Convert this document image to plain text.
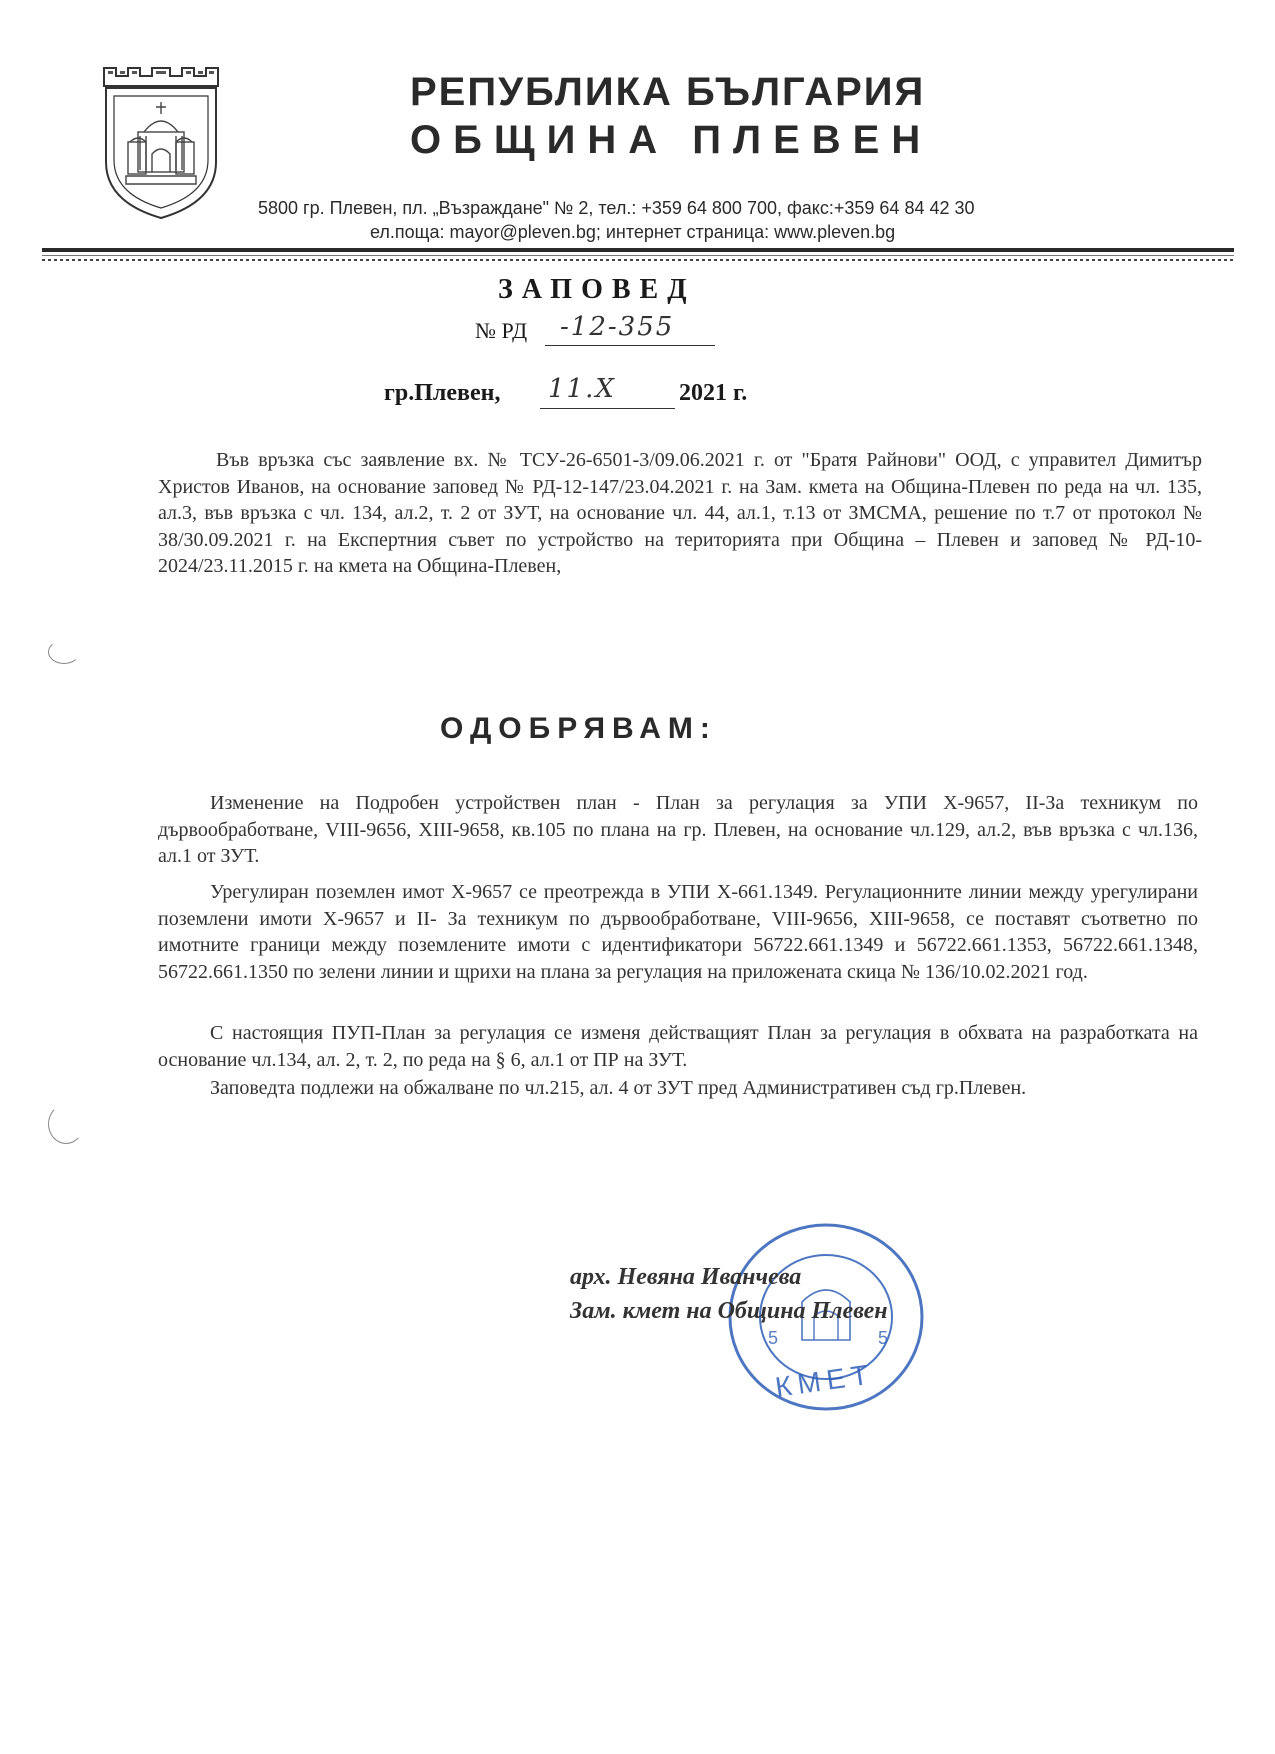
РЕПУБЛИКА БЪЛГАРИЯ
ОБЩИНА ПЛЕВЕН
5800 гр. Плевен, пл. „Възраждане" № 2, тел.: +359 64 800 700, факс:+359 64 84 42 30
ел.поща: mayor@pleven.bg; интернет страница: www.pleven.bg
ЗАПОВЕД
№ РД -12-355
гр.Плевен, 11.X	2021 г.
Във връзка със заявление вх. № ТСУ-26-6501-3/09.06.2021 г. от "Братя Райнови" ООД, с управител Димитър Христов Иванов, на основание заповед № РД-12-147/23.04.2021 г. на Зам. кмета на Община-Плевен по реда на чл. 135, ал.3, във връзка с чл. 134, ал.2, т. 2 от ЗУТ, на основание чл. 44, ал.1, т.13 от ЗМСМА, решение по т.7 от протокол № 38/30.09.2021 г. на Експертния съвет по устройство на територията при Община – Плевен и заповед № РД-10-2024/23.11.2015 г. на кмета на Община-Плевен,
ОДОБРЯВАМ:
Изменение на Подробен устройствен план - План за регулация за УПИ Х-9657, II-За техникум по дървообработване, VIII-9656, XIII-9658, кв.105 по плана на гр. Плевен, на основание чл.129, ал.2, във връзка с чл.136, ал.1 от ЗУТ.
Урегулиран поземлен имот Х-9657 се преотрежда в УПИ Х-661.1349. Регулационните линии между урегулирани поземлени имоти Х-9657 и II- За техникум по дървообработване, VIII-9656, XIII-9658, се поставят съответно по имотните граници между поземлените имоти с идентификатори 56722.661.1349 и 56722.661.1353, 56722.661.1348, 56722.661.1350 по зелени линии и щрихи на плана за регулация на приложената скица № 136/10.02.2021 год.
С настоящия ПУП-План за регулация се изменя действащият План за регулация в обхвата на разработката на основание чл.134, ал. 2, т. 2, по реда на § 6, ал.1 от ПР на ЗУТ.
Заповедта подлежи на обжалване по чл.215, ал. 4 от ЗУТ пред Административен съд гр.Плевен.
КМЕТ
5	5
арх. Невяна Иванчева
Зам. кмет на Община Плевен
